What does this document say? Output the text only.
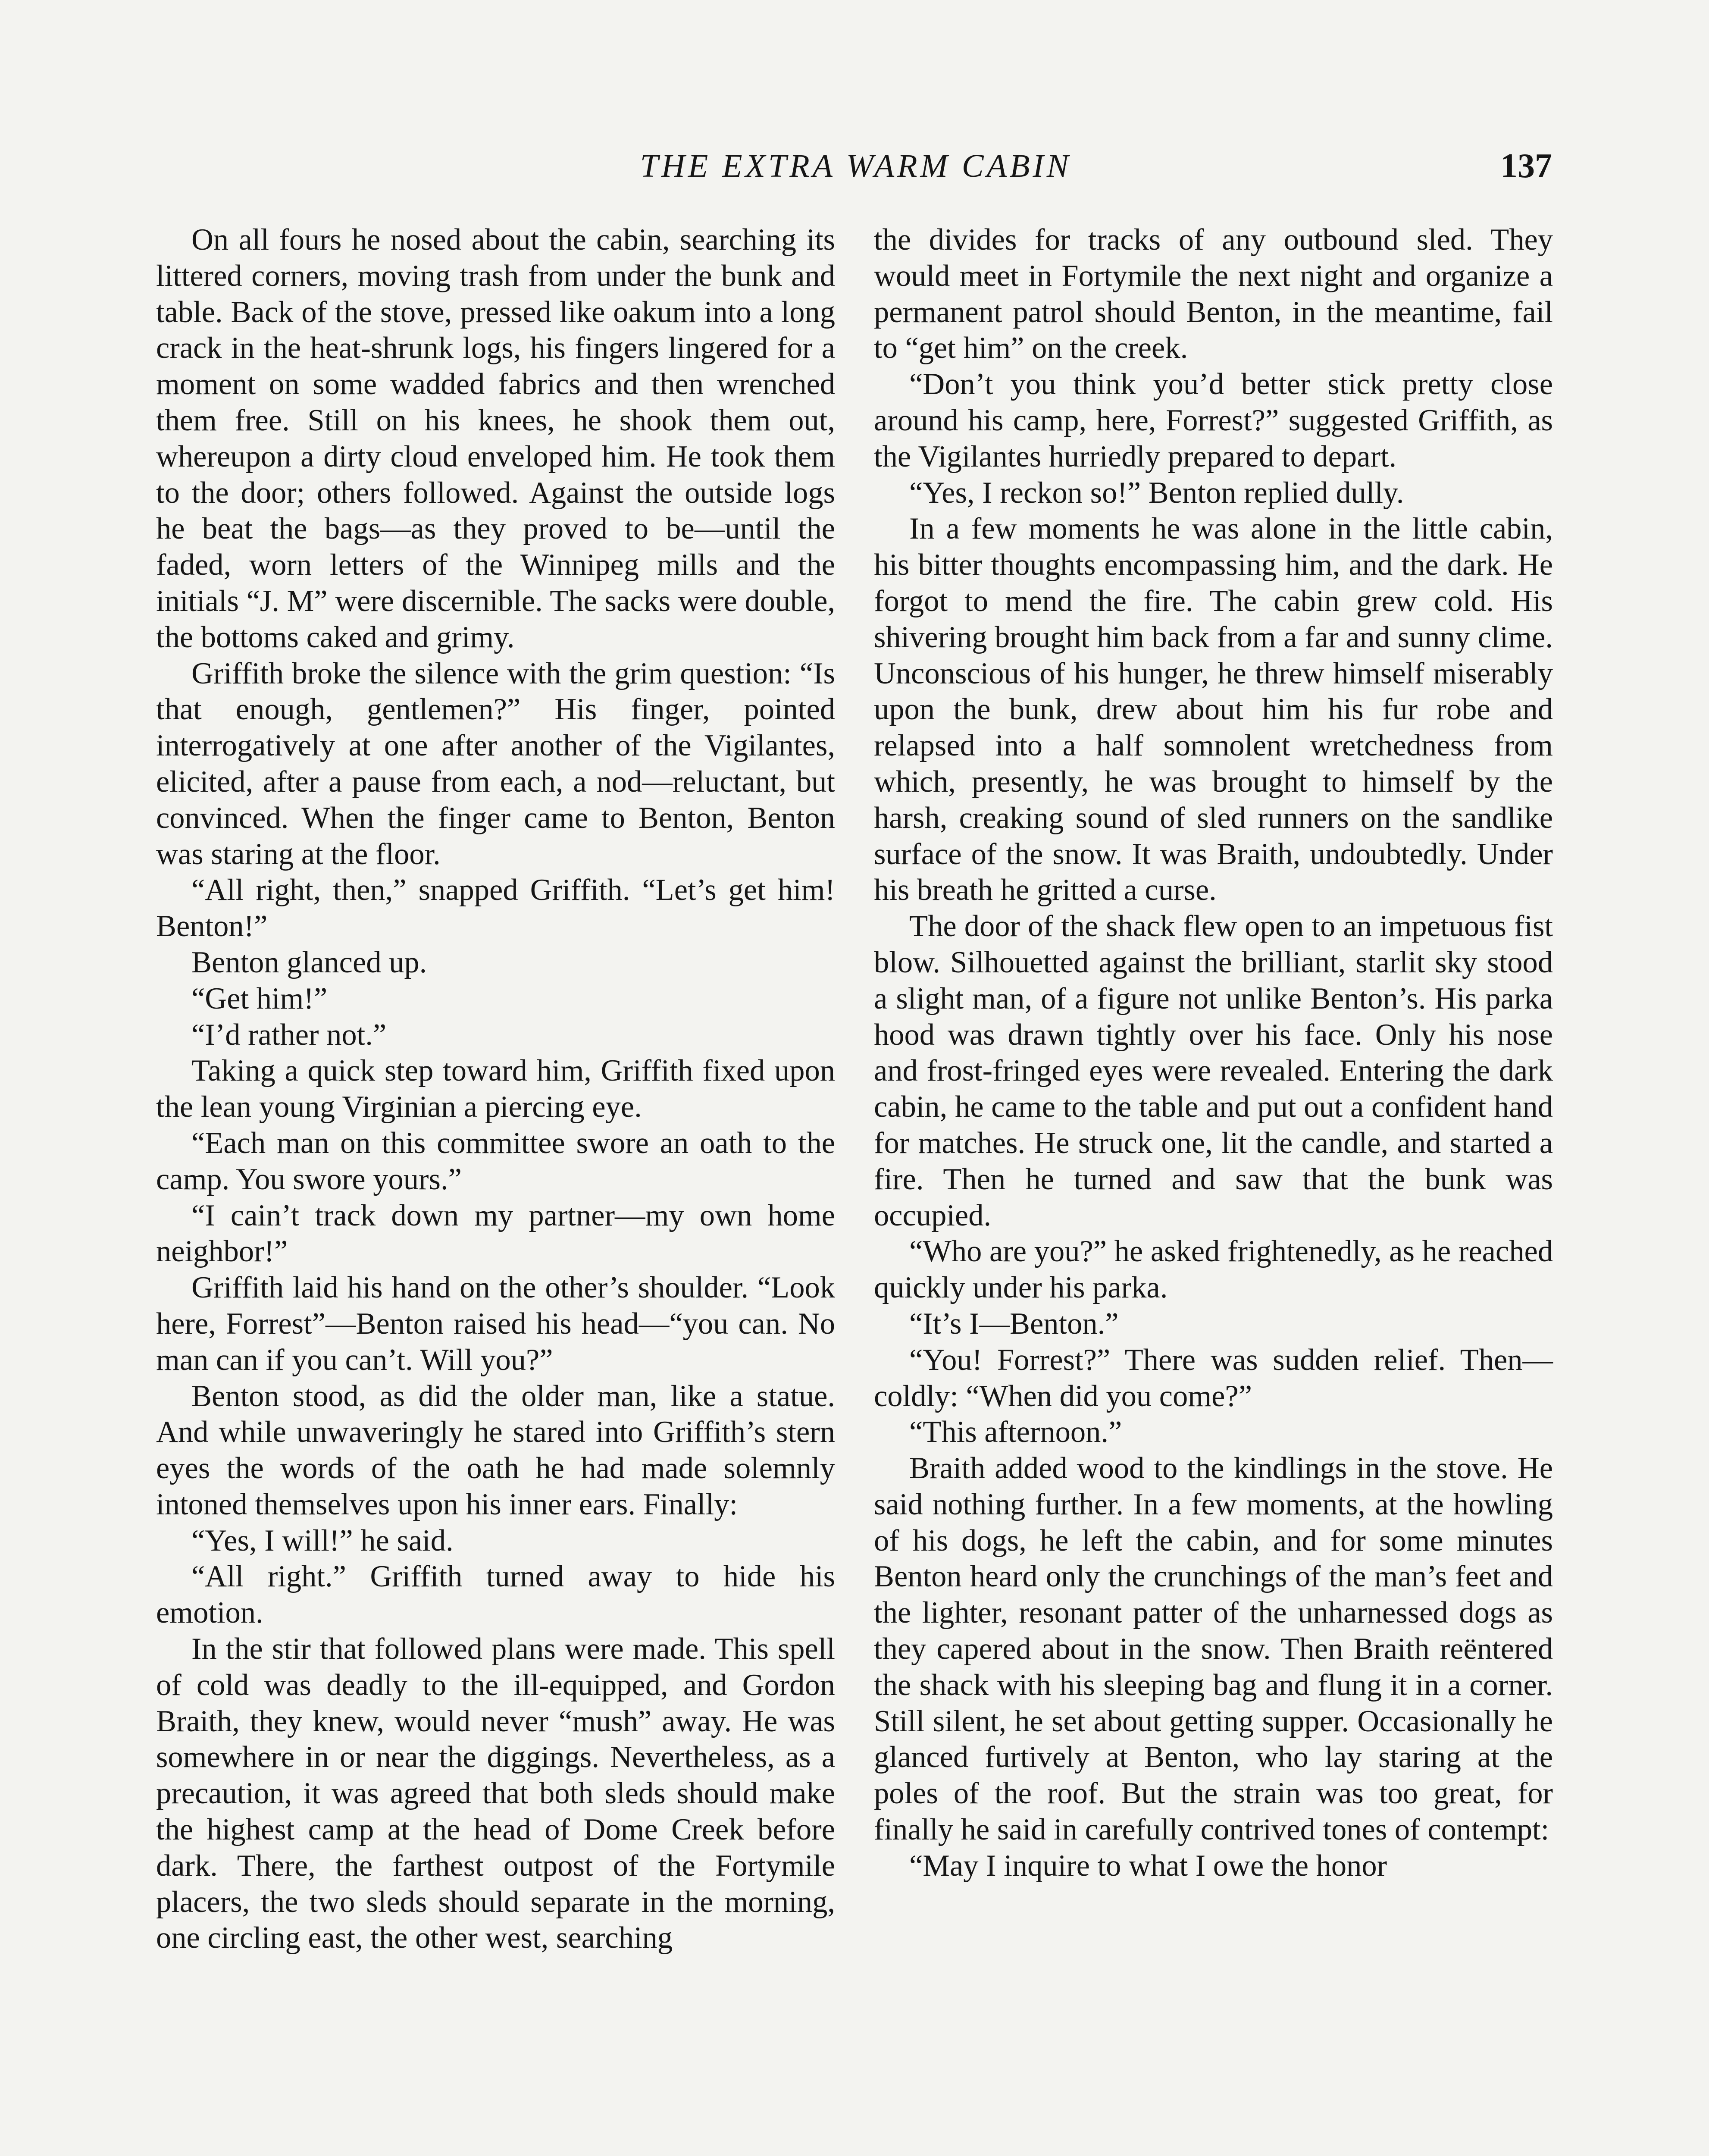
THE EXTRA WARM CABIN	137

On all fours he nosed about the cabin, searching its littered corners, moving trash from under the bunk and table. Back of the stove, pressed like oakum into a long crack in the heat-shrunk logs, his fingers lingered for a moment on some wadded fabrics and then wrenched them free. Still on his knees, he shook them out, whereupon a dirty cloud enveloped him. He took them to the door; others followed. Against the outside logs he beat the bags—as they proved to be—until the faded, worn letters of the Winnipeg mills and the initials “J. M” were discernible. The sacks were double, the bottoms caked and grimy.

Griffith broke the silence with the grim question: “Is that enough, gentlemen?” His finger, pointed interrogatively at one after another of the Vigilantes, elicited, after a pause from each, a nod—reluctant, but convinced. When the finger came to Benton, Benton was staring at the floor.

“All right, then,” snapped Griffith. “Let’s get him! Benton!”

Benton glanced up.

“Get him!”

“I’d rather not.”

Taking a quick step toward him, Griffith fixed upon the lean young Virginian a piercing eye.

“Each man on this committee swore an oath to the camp. You swore yours.”

“I cain’t track down my partner—my own home neighbor!”

Griffith laid his hand on the other’s shoulder. “Look here, Forrest”—Benton raised his head—“you can. No man can if you can’t. Will you?”

Benton stood, as did the older man, like a statue. And while unwaveringly he stared into Griffith’s stern eyes the words of the oath he had made solemnly intoned themselves upon his inner ears. Finally:

“Yes, I will!” he said.

“All right.” Griffith turned away to hide his emotion.

In the stir that followed plans were made. This spell of cold was deadly to the ill-equipped, and Gordon Braith, they knew, would never “mush” away. He was somewhere in or near the diggings. Nevertheless, as a precaution, it was agreed that both sleds should make the highest camp at the head of Dome Creek before dark. There, the farthest outpost of the Fortymile placers, the two sleds should separate in the morning, one circling east, the other west, searching

the divides for tracks of any outbound sled. They would meet in Fortymile the next night and organize a permanent patrol should Benton, in the meantime, fail to “get him” on the creek.

“Don’t you think you’d better stick pretty close around his camp, here, Forrest?” suggested Griffith, as the Vigilantes hurriedly prepared to depart.

“Yes, I reckon so!” Benton replied dully.

In a few moments he was alone in the little cabin, his bitter thoughts encompassing him, and the dark. He forgot to mend the fire. The cabin grew cold. His shivering brought him back from a far and sunny clime. Unconscious of his hunger, he threw himself miserably upon the bunk, drew about him his fur robe and relapsed into a half somnolent wretchedness from which, presently, he was brought to himself by the harsh, creaking sound of sled runners on the sandlike surface of the snow. It was Braith, undoubtedly. Under his breath he gritted a curse.

The door of the shack flew open to an impetuous fist blow. Silhouetted against the brilliant, starlit sky stood a slight man, of a figure not unlike Benton’s. His parka hood was drawn tightly over his face. Only his nose and frost-fringed eyes were revealed. Entering the dark cabin, he came to the table and put out a confident hand for matches. He struck one, lit the candle, and started a fire. Then he turned and saw that the bunk was occupied.

“Who are you?” he asked frightenedly, as he reached quickly under his parka.

“It’s I—Benton.”

“You! Forrest?” There was sudden relief. Then—coldly: “When did you come?”

“This afternoon.”

Braith added wood to the kindlings in the stove. He said nothing further. In a few moments, at the howling of his dogs, he left the cabin, and for some minutes Benton heard only the crunchings of the man’s feet and the lighter, resonant patter of the unharnessed dogs as they capered about in the snow. Then Braith reëntered the shack with his sleeping bag and flung it in a corner. Still silent, he set about getting supper. Occasionally he glanced furtively at Benton, who lay staring at the poles of the roof. But the strain was too great, for finally he said in carefully contrived tones of contempt:

“May I inquire to what I owe the honor
